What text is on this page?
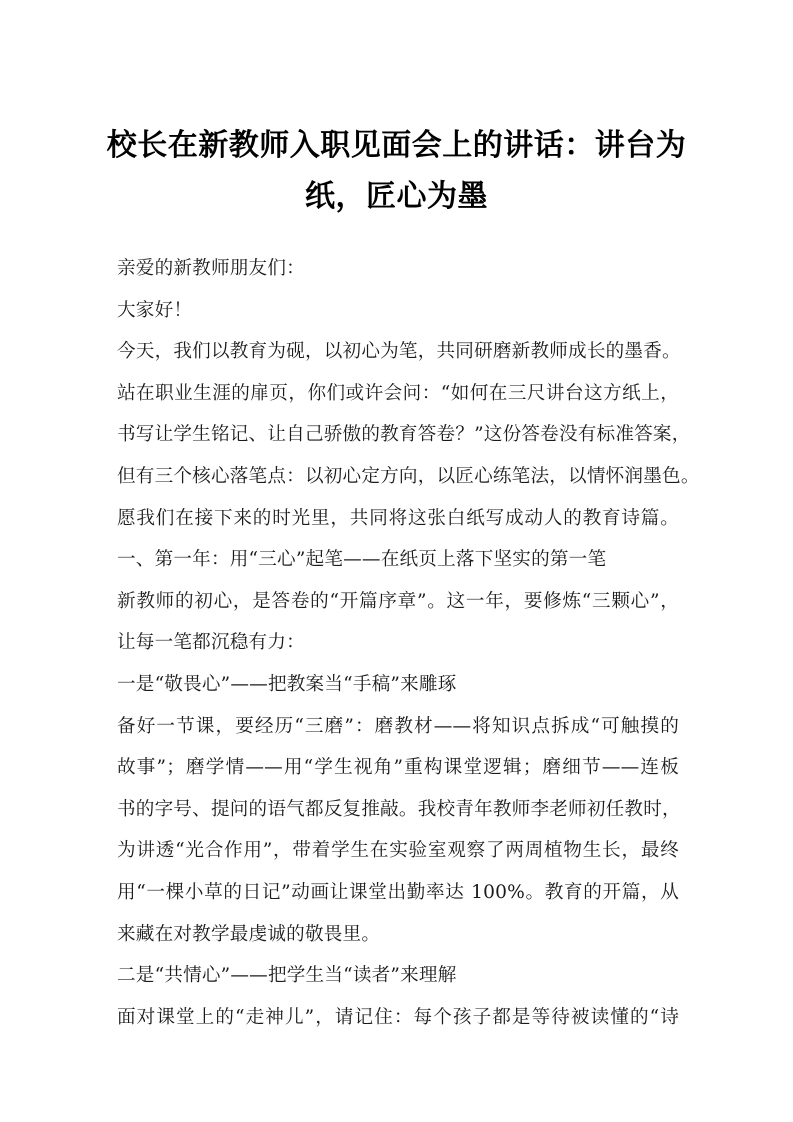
校长在新教师入职见面会上的讲话：讲台为
纸，匠心为墨
亲爱的新教师朋友们：
大家好！
今天，我们以教育为砚，以初心为笔，共同研磨新教师成长的墨香。
站在职业生涯的扉页，你们或许会问：“如何在三尺讲台这方纸上，
书写让学生铭记、让自己骄傲的教育答卷？”这份答卷没有标准答案，
但有三个核心落笔点：以初心定方向，以匠心练笔法，以情怀润墨色。
愿我们在接下来的时光里，共同将这张白纸写成动人的教育诗篇。
一、第一年：用“三心”起笔——在纸页上落下坚实的第一笔
新教师的初心，是答卷的“开篇序章”。这一年，要修炼“三颗心”，
让每一笔都沉稳有力：
一是“敬畏心”——把教案当“手稿”来雕琢
备好一节课，要经历“三磨”：磨教材——将知识点拆成“可触摸的
故事”；磨学情——用“学生视角”重构课堂逻辑；磨细节——连板
书的字号、提问的语气都反复推敲。我校青年教师李老师初任教时，
为讲透“光合作用”，带着学生在实验室观察了两周植物生长，最终
用“一棵小草的日记”动画让课堂出勤率达 100%。教育的开篇，从
来藏在对教学最虔诚的敬畏里。
二是“共情心”——把学生当“读者”来理解
面对课堂上的“走神儿”，请记住：每个孩子都是等待被读懂的“诗
